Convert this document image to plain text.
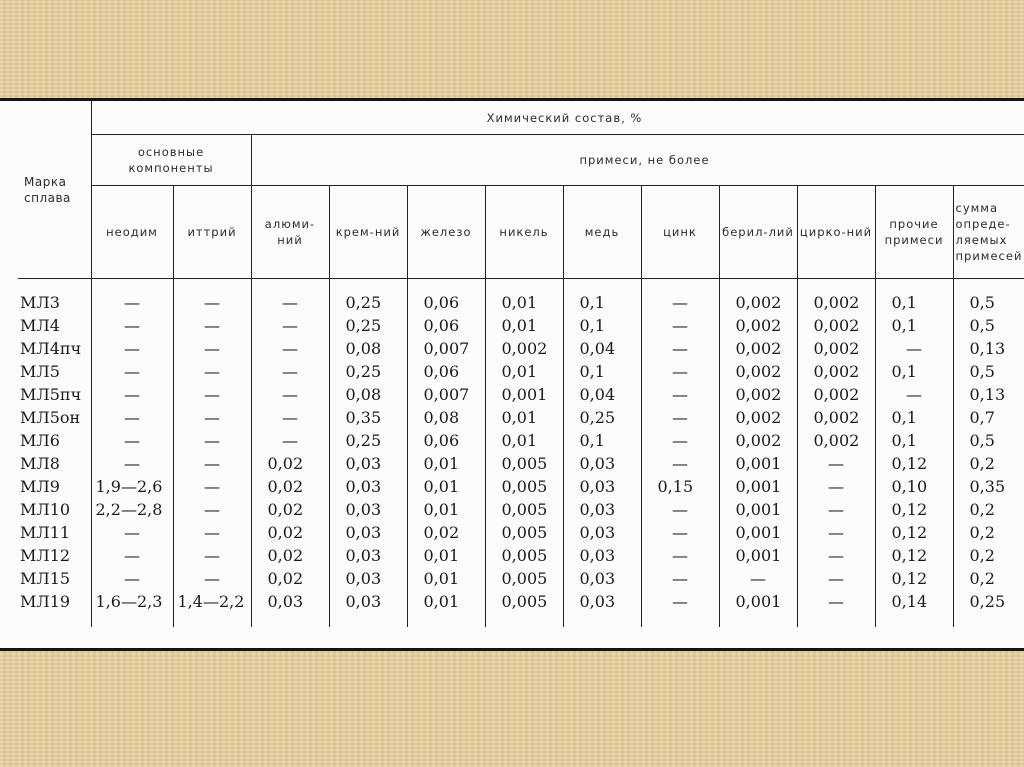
Марка сплава	Химический состав, %											
	основные компоненты		примеси, не более									
	неодим	иттрий	алюми-ний	крем-ний	железо	никель	медь	цинк	берил-лий	цирко-ний	прочие примеси	сумма опреде-ляемых примесей
МЛ3	—	—	—	0,25	0,06	0,01	0,1	—	0,002	0,002	0,1	0,5
МЛ4	—	—	—	0,25	0,06	0,01	0,1	—	0,002	0,002	0,1	0,5
МЛ4пч	—	—	—	0,08	0,007	0,002	0,04	—	0,002	0,002	—	0,13
МЛ5	—	—	—	0,25	0,06	0,01	0,1	—	0,002	0,002	0,1	0,5
МЛ5пч	—	—	—	0,08	0,007	0,001	0,04	—	0,002	0,002	—	0,13
МЛ5он	—	—	—	0,35	0,08	0,01	0,25	—	0,002	0,002	0,1	0,7
МЛ6	—	—	—	0,25	0,06	0,01	0,1	—	0,002	0,002	0,1	0,5
МЛ8	—	—	0,02	0,03	0,01	0,005	0,03	—	0,001	—	0,12	0,2
МЛ9	1,9—2,6	—	0,02	0,03	0,01	0,005	0,03	0,15	0,001	—	0,10	0,35
МЛ10	2,2—2,8	—	0,02	0,03	0,01	0,005	0,03	—	0,001	—	0,12	0,2
МЛ11	—	—	0,02	0,03	0,02	0,005	0,03	—	0,001	—	0,12	0,2
МЛ12	—	—	0,02	0,03	0,01	0,005	0,03	—	0,001	—	0,12	0,2
МЛ15	—	—	0,02	0,03	0,01	0,005	0,03	—	—	—	0,12	0,2
МЛ19	1,6—2,3	1,4—2,2	0,03	0,03	0,01	0,005	0,03	—	0,001	—	0,14	0,25
